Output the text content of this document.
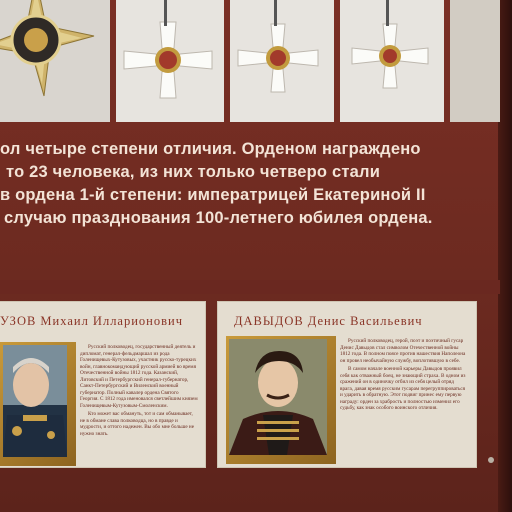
ол четыре степени отличия. Орденом награждено
то 23 человека, из них только четверо стали
в ордена 1-й степени: императрицей Екатериной II
случаю празднования 100-летнего юбилея ордена.
УЗОВ Михаил Илларионович

Русский полководец, государственный деятель и дипломат, генерал-фельдмаршал из рода Голенищевых-Кутузовых, участник русско-турецких войн, главнокомандующий русской армией во время Отечественной войны 1812 года. Казанский, Литовский и Петербургский генерал-губернатор, Санкт-Петербургский и Виленский военный губернатор. Полный кавалер ордена Святого Георгия. С 1812 года именовался светлейшим князем Голенищевым-Кутузовым-Смоленским.

Кто может вас обмануть, тот и сам обманывает, не в обмане слава полководца, но в правде и мудрости, и оттого надежен. Вы обо мне больше не нужно знать.

ДАВЫДОВ Денис Васильевич

Русский полководец, герой, поэт и поэтичный гусар Денис Давыдов стал символом Отечественной войны 1812 года. В полном поясе против нашествия Наполеона он провел необычайную службу, воплотившую в себе.

В самом начале военной карьеры Давыдов проявил себя как отважный боец, не знающий страха. В одном из сражений он в одиночку отбил из себя целый отряд врага, давая время русским гусарам перегруппироваться и ударить в обратную. Этот подвиг принес ему первую награду: орден за храбрость и полностью изменил его судьбу, как знак особого воинского отличия.
